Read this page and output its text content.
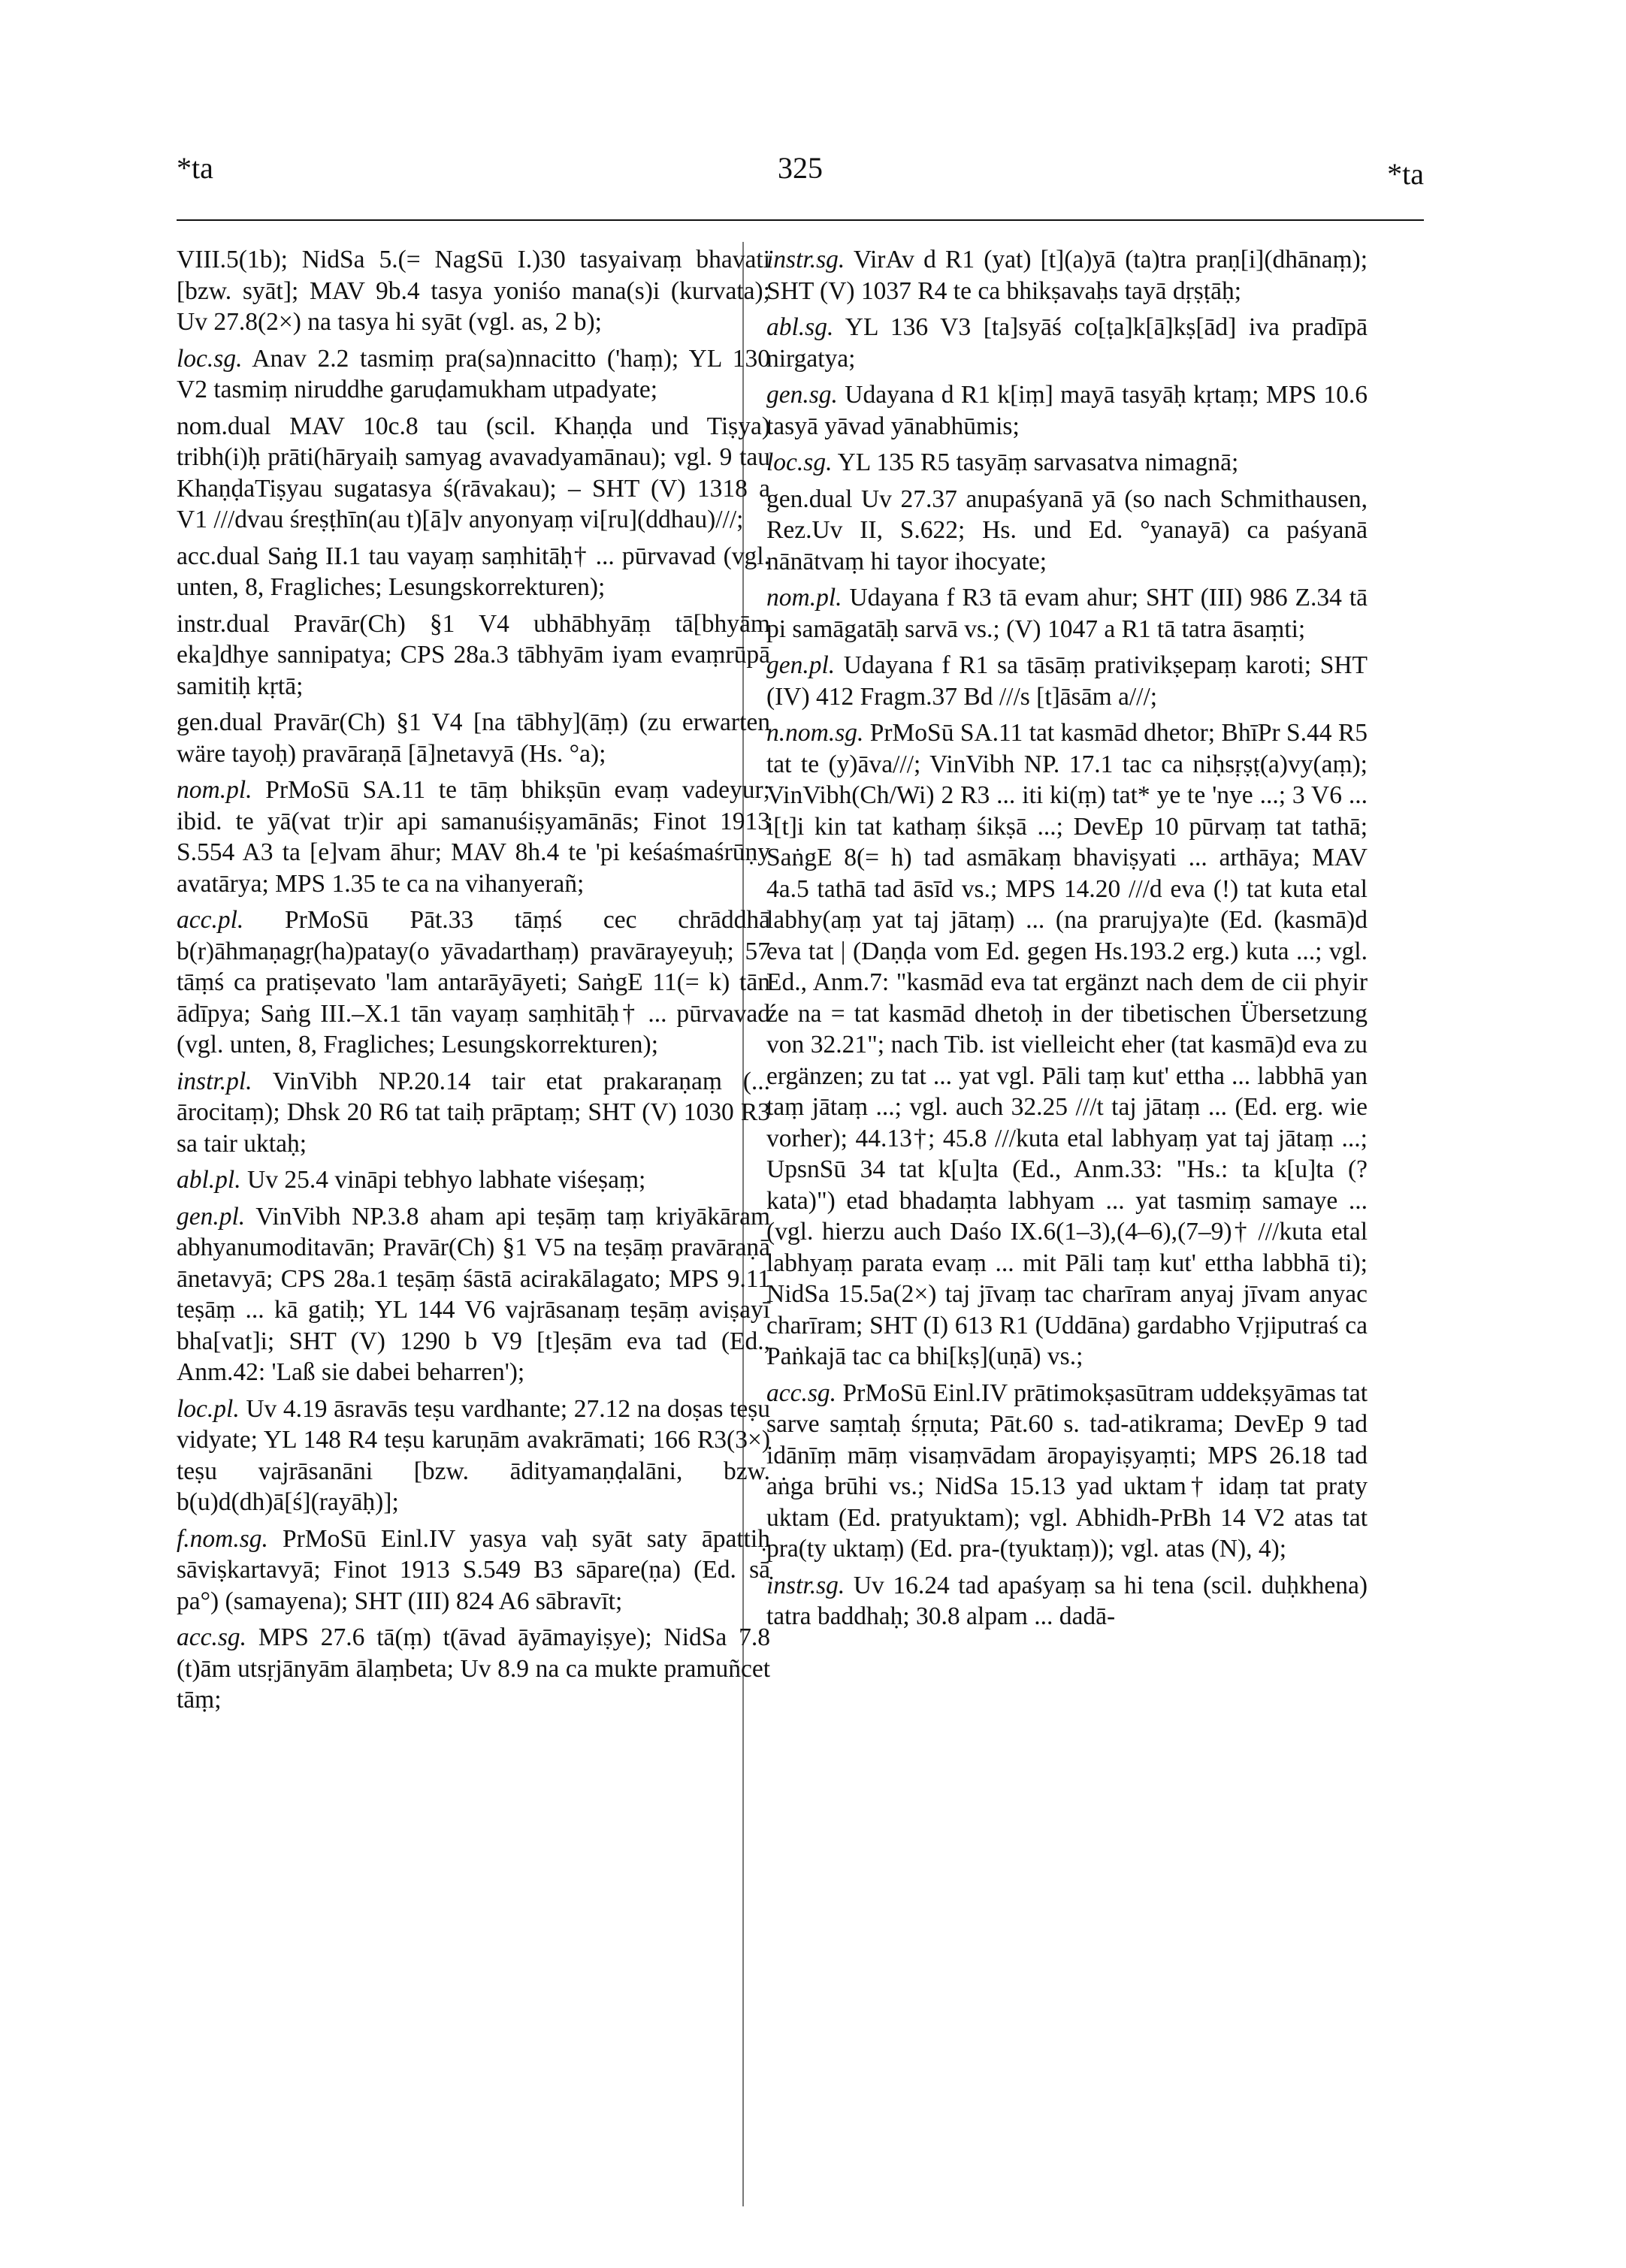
*ta	325	*ta

VIII.5(1b); NidSa 5.(= NagSū I.)30 tasyaivaṃ bhavati [bzw. syāt]; MAV 9b.4 tasya yoniśo mana(s)i (kurvata); Uv 27.8(2×) na tasya hi syāt (vgl. as, 2 b);

loc.sg. Anav 2.2 tasmiṃ pra(sa)nnacitto ('haṃ); YL 130 V2 tasmiṃ niruddhe garuḍamukham utpadyate;

nom.dual MAV 10c.8 tau (scil. Khaṇḍa und Tiṣya) tribh(i)ḥ prāti(hāryaiḥ samyag avavadyamānau); vgl. 9 tau KhaṇḍaTiṣyau sugatasya ś(rāvakau); – SHT (V) 1318 a V1 ///dvau śreṣṭhīn(au t)[ā]v anyonyaṃ vi[ru](ddhau)///;

acc.dual Saṅg II.1 tau vayaṃ saṃhitāḥ† ... pūrvavad (vgl. unten, 8, Fragliches; Lesungskorrekturen);

instr.dual Pravār(Ch) §1 V4 ubhābhyāṃ tā[bhyām eka]dhye sannipatya; CPS 28a.3 tābhyām iyam evaṃrūpā samitiḥ kṛtā;

gen.dual Pravār(Ch) §1 V4 [na tābhy](āṃ) (zu erwarten wäre tayoḥ) pravāraṇā [ā]netavyā (Hs. °a);

nom.pl. PrMoSū SA.11 te tāṃ bhikṣūn evaṃ vadeyur; ibid. te yā(vat tr)ir api samanuśiṣyamānās; Finot 1913 S.554 A3 ta [e]vam āhur; MAV 8h.4 te 'pi keśaśmaśrūṇy avatārya; MPS 1.35 te ca na vihanyerañ;

acc.pl. PrMoSū Pāt.33 tāṃś cec chrāddhā b(r)āhmaṇagṛ(ha)patay(o yāvadarthaṃ) pravārayeyuḥ; 57 tāṃś ca pratiṣevato 'lam antarāyāyeti; SaṅgE 11(= k) tān ādīpya; Saṅg III.–X.1 tān vayaṃ saṃhitāḥ† ... pūrvavad (vgl. unten, 8, Fragliches; Lesungskorrekturen);

instr.pl. VinVibh NP.20.14 tair etat prakaraṇaṃ (... ārocitaṃ); Dhsk 20 R6 tat taiḥ prāptaṃ; SHT (V) 1030 R3 sa tair uktaḥ;

abl.pl. Uv 25.4 vināpi tebhyo labhate viśeṣaṃ;

gen.pl. VinVibh NP.3.8 aham api teṣāṃ taṃ kriyākāram abhyanumoditavān; Pravār(Ch) §1 V5 na teṣāṃ pravāraṇā ānetavyā; CPS 28a.1 teṣāṃ śāstā acirakālagato; MPS 9.11 teṣāṃ ... kā gatiḥ; YL 144 V6 vajrāsanaṃ teṣāṃ aviṣayī bha[vat]i; SHT (V) 1290 b V9 [t]eṣām eva tad (Ed., Anm.42: 'Laß sie dabei beharren');

loc.pl. Uv 4.19 āsravās teṣu vardhante; 27.12 na doṣas teṣu vidyate; YL 148 R4 teṣu karuṇām avakrāmati; 166 R3(3×) teṣu vajrāsanāni [bzw. ādityamaṇḍalāni, bzw. b(u)d(dh)ā[ś](rayāḥ)];

f.nom.sg. PrMoSū Einl.IV yasya vaḥ syāt saty āpattiḥ sāviṣkartavyā; Finot 1913 S.549 B3 sāpare(ṇa) (Ed. sā pa°) (samayena); SHT (III) 824 A6 sābravīt;

acc.sg. MPS 27.6 tā(ṃ) t(āvad āyāmayiṣye); NidSa 7.8 (t)ām utsṛjānyām ālaṃbeta; Uv 8.9 na ca mukte pramuñcet tāṃ;

instr.sg. VirAv d R1 (yat) [t](a)yā (ta)tra praṇ[i](dhānaṃ); SHT (V) 1037 R4 te ca bhikṣavaḥs tayā dṛṣṭāḥ;

abl.sg. YL 136 V3 [ta]syāś co[ṭa]k[ā]kṣ[ād] iva pradīpā nirgatya;

gen.sg. Udayana d R1 k[iṃ] mayā tasyāḥ kṛtaṃ; MPS 10.6 tasyā yāvad yānabhūmis;

loc.sg. YL 135 R5 tasyāṃ sarvasatva nimagnā;

gen.dual Uv 27.37 anupaśyanā yā (so nach Schmithausen, Rez.Uv II, S.622; Hs. und Ed. °yanayā) ca paśyanā nānātvaṃ hi tayor ihocyate;

nom.pl. Udayana f R3 tā evam ahur; SHT (III) 986 Z.34 tā pi samāgatāḥ sarvā vs.; (V) 1047 a R1 tā tatra āsaṃti;

gen.pl. Udayana f R1 sa tāsāṃ prativikṣepaṃ karoti; SHT (IV) 412 Fragm.37 Bd ///s [t]āsām a///;

n.nom.sg. PrMoSū SA.11 tat kasmād dhetor; BhīPr S.44 R5 tat te (y)āva///; VinVibh NP. 17.1 tac ca niḥsṛṣṭ(a)vy(aṃ); VinVibh(Ch/Wi) 2 R3 ... iti ki(ṃ) tat* ye te 'nye ...; 3 V6 ... i[t]i kin tat kathaṃ śikṣā ...; DevEp 10 pūrvaṃ tat tathā; SaṅgE 8(= h) tad asmākaṃ bhaviṣyati ... arthāya; MAV 4a.5 tathā tad āsīd vs.; MPS 14.20 ///d eva (!) tat kuta etal labhy(aṃ yat taj jātaṃ) ... (na prarujya)te (Ed. (kasmā)d eva tat | (Daṇḍa vom Ed. gegen Hs.193.2 erg.) kuta ...; vgl. Ed., Anm.7: "kasmād eva tat ergänzt nach dem de cii phyir źe na = tat kasmād dhetoḥ in der tibetischen Übersetzung von 32.21"; nach Tib. ist vielleicht eher (tat kasmā)d eva zu ergänzen; zu tat ... yat vgl. Pāli taṃ kut' ettha ... labbhā yan taṃ jātaṃ ...; vgl. auch 32.25 ///t taj jātaṃ ... (Ed. erg. wie vorher); 44.13†; 45.8 ///kuta etal labhyaṃ yat taj jātaṃ ...; UpsnSū 34 tat k[u]ta (Ed., Anm.33: "Hs.: ta k[u]ta (? kata)") etad bhadaṃta labhyam ... yat tasmiṃ samaye ... (vgl. hierzu auch Daśo IX.6(1–3),(4–6),(7–9)† ///kuta etal labhyaṃ parata evaṃ ... mit Pāli taṃ kut' ettha labbhā ti); NidSa 15.5a(2×) taj jīvaṃ tac charīram anyaj jīvam anyac charīram; SHT (I) 613 R1 (Uddāna) gardabho Vṛjiputraś ca Paṅkajā tac ca bhi[kṣ](uṇā) vs.;

acc.sg. PrMoSū Einl.IV prātimokṣasūtram uddekṣyāmas tat sarve saṃtaḥ śṛṇuta; Pāt.60 s. tad-atikrama; DevEp 9 tad idānīṃ māṃ visaṃvādam āropayiṣyaṃti; MPS 26.18 tad aṅga brūhi vs.; NidSa 15.13 yad uktam† idaṃ tat praty uktam (Ed. pratyuktam); vgl. Abhidh-PrBh 14 V2 atas tat pra(ty uktaṃ) (Ed. pra-(tyuktaṃ)); vgl. atas (N), 4);

instr.sg. Uv 16.24 tad apaśyaṃ sa hi tena (scil. duḥkhena) tatra baddhaḥ; 30.8 alpam ... dadā-
